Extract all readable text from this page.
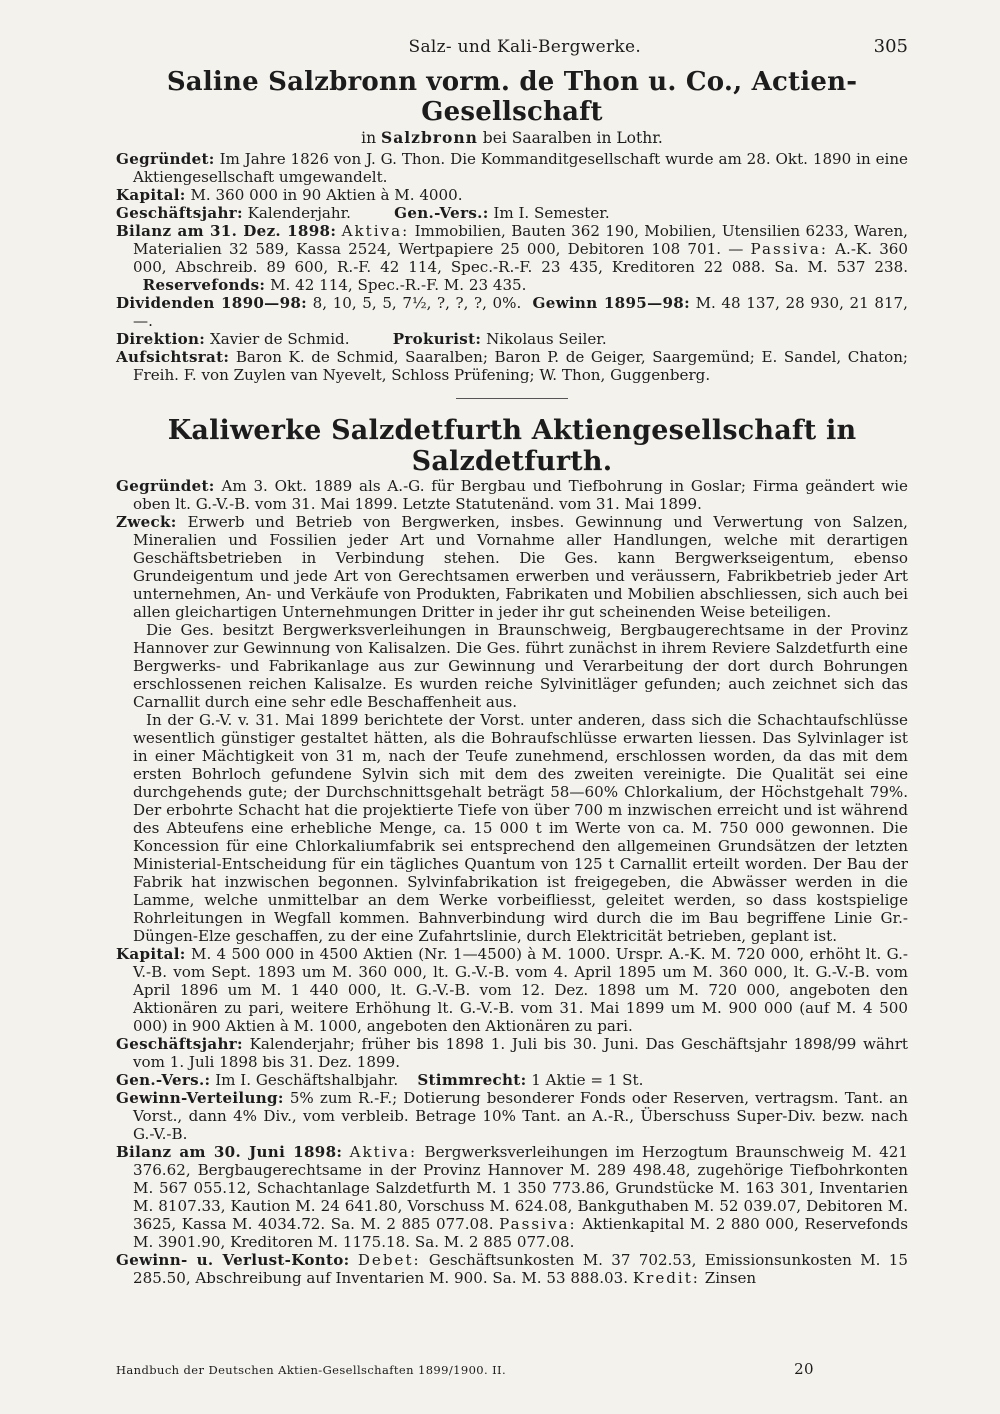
Salz- und Kali-Bergwerke.	305
Saline Salzbronn vorm. de Thon u. Co., Actien-Gesellschaft
in Salzbronn bei Saaralben in Lothr.

Gegründet: Im Jahre 1826 von J. G. Thon. Die Kommanditgesellschaft wurde am 28. Okt. 1890 in eine Aktiengesellschaft umgewandelt.

Kapital: M. 360 000 in 90 Aktien à M. 4000.

Geschäftsjahr: Kalenderjahr.	Gen.-Vers.: Im I. Semester.

Bilanz am 31. Dez. 1898: Aktiva: Immobilien, Bauten 362 190, Mobilien, Utensilien 6233, Waren, Materialien 32 589, Kassa 2524, Wertpapiere 25 000, Debitoren 108 701. — Passiva: A.-K. 360 000, Abschreib. 89 600, R.-F. 42 114, Spec.-R.-F. 23 435, Kreditoren 22 088. Sa. M. 537 238.   Reservefonds: M. 42 114, Spec.-R.-F. M. 23 435.

Dividenden 1890—98: 8, 10, 5, 5, 7½, ?, ?, ?, 0%. Gewinn 1895—98: M. 48 137, 28 930, 21 817, —.

Direktion: Xavier de Schmid.	Prokurist: Nikolaus Seiler.

Aufsichtsrat: Baron K. de Schmid, Saaralben; Baron P. de Geiger, Saargemünd; E. Sandel, Chaton; Freih. F. von Zuylen van Nyevelt, Schloss Prüfening; W. Thon, Guggenberg.

Kaliwerke Salzdetfurth Aktiengesellschaft in Salzdetfurth.

Gegründet: Am 3. Okt. 1889 als A.-G. für Bergbau und Tiefbohrung in Goslar; Firma geändert wie oben lt. G.-V.-B. vom 31. Mai 1899. Letzte Statutenänd. vom 31. Mai 1899.

Zweck: Erwerb und Betrieb von Bergwerken, insbes. Gewinnung und Verwertung von Salzen, Mineralien und Fossilien jeder Art und Vornahme aller Handlungen, welche mit derartigen Geschäftsbetrieben in Verbindung stehen. Die Ges. kann Bergwerkseigentum, ebenso Grundeigentum und jede Art von Gerechtsamen erwerben und veräussern, Fabrikbetrieb jeder Art unternehmen, An- und Verkäufe von Produkten, Fabrikaten und Mobilien abschliessen, sich auch bei allen gleichartigen Unternehmungen Dritter in jeder ihr gut scheinenden Weise beteiligen.

Die Ges. besitzt Bergwerksverleihungen in Braunschweig, Bergbaugerechtsame in der Provinz Hannover zur Gewinnung von Kalisalzen. Die Ges. führt zunächst in ihrem Reviere Salzdetfurth eine Bergwerks- und Fabrikanlage aus zur Gewinnung und Verarbeitung der dort durch Bohrungen erschlossenen reichen Kalisalze. Es wurden reiche Sylvinitläger gefunden; auch zeichnet sich das Carnallit durch eine sehr edle Beschaffenheit aus.

In der G.-V. v. 31. Mai 1899 berichtete der Vorst. unter anderen, dass sich die Schachtaufschlüsse wesentlich günstiger gestaltet hätten, als die Bohraufschlüsse erwarten liessen. Das Sylvinlager ist in einer Mächtigkeit von 31 m, nach der Teufe zunehmend, erschlossen worden, da das mit dem ersten Bohrloch gefundene Sylvin sich mit dem des zweiten vereinigte. Die Qualität sei eine durchgehends gute; der Durchschnittsgehalt beträgt 58—60% Chlorkalium, der Höchstgehalt 79%. Der erbohrte Schacht hat die projektierte Tiefe von über 700 m inzwischen erreicht und ist während des Abteufens eine erhebliche Menge, ca. 15 000 t im Werte von ca. M. 750 000 gewonnen. Die Koncession für eine Chlorkaliumfabrik sei entsprechend den allgemeinen Grundsätzen der letzten Ministerial-Entscheidung für ein tägliches Quantum von 125 t Carnallit erteilt worden. Der Bau der Fabrik hat inzwischen begonnen. Sylvinfabrikation ist freigegeben, die Abwässer werden in die Lamme, welche unmittelbar an dem Werke vorbeifliesst, geleitet werden, so dass kostspielige Rohrleitungen in Wegfall kommen. Bahnverbindung wird durch die im Bau begriffene Linie Gr.-Düngen-Elze geschaffen, zu der eine Zufahrtslinie, durch Elektricität betrieben, geplant ist.

Kapital: M. 4 500 000 in 4500 Aktien (Nr. 1—4500) à M. 1000. Urspr. A.-K. M. 720 000, erhöht lt. G.-V.-B. vom Sept. 1893 um M. 360 000, lt. G.-V.-B. vom 4. April 1895 um M. 360 000, lt. G.-V.-B. vom April 1896 um M. 1 440 000, lt. G.-V.-B. vom 12. Dez. 1898 um M. 720 000, angeboten den Aktionären zu pari, weitere Erhöhung lt. G.-V.-B. vom 31. Mai 1899 um M. 900 000 (auf M. 4 500 000) in 900 Aktien à M. 1000, angeboten den Aktionären zu pari.

Geschäftsjahr: Kalenderjahr; früher bis 1898 1. Juli bis 30. Juni. Das Geschäftsjahr 1898/99 währt vom 1. Juli 1898 bis 31. Dez. 1899.

Gen.-Vers.: Im I. Geschäftshalbjahr. Stimmrecht: 1 Aktie = 1 St.

Gewinn-Verteilung: 5% zum R.-F.; Dotierung besonderer Fonds oder Reserven, vertragsm. Tant. an Vorst., dann 4% Div., vom verbleib. Betrage 10% Tant. an A.-R., Überschuss Super-Div. bezw. nach G.-V.-B.

Bilanz am 30. Juni 1898: Aktiva: Bergwerksverleihungen im Herzogtum Braunschweig M. 421 376.62, Bergbaugerechtsame in der Provinz Hannover M. 289 498.48, zugehörige Tiefbohrkonten M. 567 055.12, Schachtanlage Salzdetfurth M. 1 350 773.86, Grundstücke M. 163 301, Inventarien M. 8107.33, Kaution M. 24 641.80, Vorschuss M. 624.08, Bankguthaben M. 52 039.07, Debitoren M. 3625, Kassa M. 4034.72. Sa. M. 2 885 077.08. Passiva: Aktienkapital M. 2 880 000, Reservefonds M. 3901.90, Kreditoren M. 1175.18. Sa. M. 2 885 077.08.

Gewinn- u. Verlust-Konto: Debet: Geschäftsunkosten M. 37 702.53, Emissionsunkosten M. 15 285.50, Abschreibung auf Inventarien M. 900. Sa. M. 53 888.03. Kredit: Zinsen

Handbuch der Deutschen Aktien-Gesellschaften 1899/1900. II.	20
